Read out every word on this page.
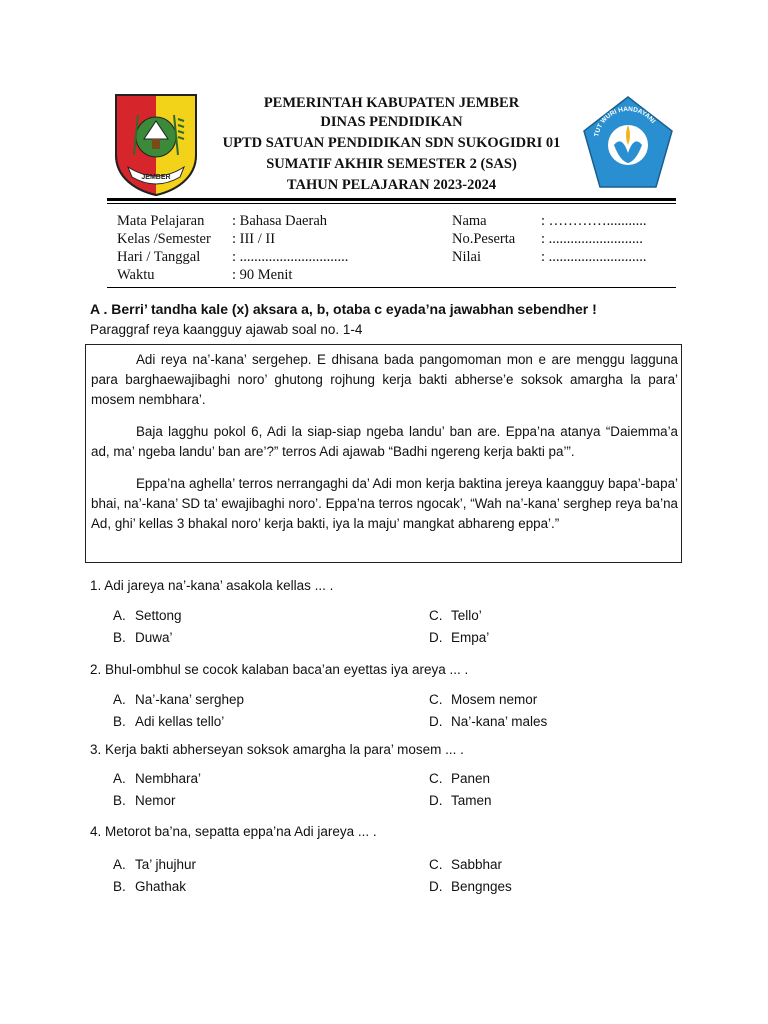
JEMBER
TUT WURI HANDAYANI
PEMERINTAH KABUPATEN JEMBER
DINAS PENDIDIKAN
UPTD SATUAN PENDIDIKAN SDN SUKOGIDRI 01
SUMATIF AKHIR SEMESTER 2 (SAS)
TAHUN PELAJARAN 2023-2024
Mata Pelajaran : Bahasa Daerah
Kelas /Semester : III / II
Hari / Tanggal : ..............................
Waktu	: 90 Menit
Nama	: …………...........
No.Peserta : ..........................
Nilai	: ...........................
A . Berri’ tandha kale (x) aksara a, b, otaba c eyada’na jawabhan sebendher !
Paraggraf reya kaangguy ajawab soal no. 1-4
Adi reya na’-kana’ sergehep. E dhisana bada pangomoman mon e are menggu lagguna para barghaewajibaghi noro’ ghutong rojhung kerja bakti abherse’e soksok amargha la para’ mosem nembhara’.
Baja lagghu pokol 6, Adi la siap-siap ngeba landu’ ban are. Eppa’na atanya “Daiemma’a ad, ma’ ngeba landu’ ban are’?” terros Adi ajawab “Badhi ngereng kerja bakti pa’”.
Eppa’na aghella’ terros nerrangaghi da’ Adi mon kerja baktina jereya kaangguy bapa’-bapa’ bhai, na’-kana’ SD ta’ ewajibaghi noro’. Eppa’na terros ngocak’, “Wah na’-kana’ serghep reya ba’na Ad, ghi’ kellas 3 bhakal noro’ kerja bakti, iya la maju’ mangkat abhareng eppa’.”
1. Adi jareya na’-kana’ asakola kellas ... .
A. Settong
B. Duwa’
C. Tello’
D. Empa’
2. Bhul-ombhul se cocok kalaban baca’an eyettas iya areya ... .
A. Na’-kana’ serghep
B. Adi kellas tello’
C. Mosem nemor
D. Na’-kana’ males
3. Kerja bakti abherseyan soksok amargha la para’ mosem ... .
A. Nembhara’
B. Nemor
C. Panen
D. Tamen
4. Metorot ba’na, sepatta eppa’na Adi jareya ... .
A. Ta’ jhujhur
B. Ghathak
C. Sabbhar
D. Bengnges
